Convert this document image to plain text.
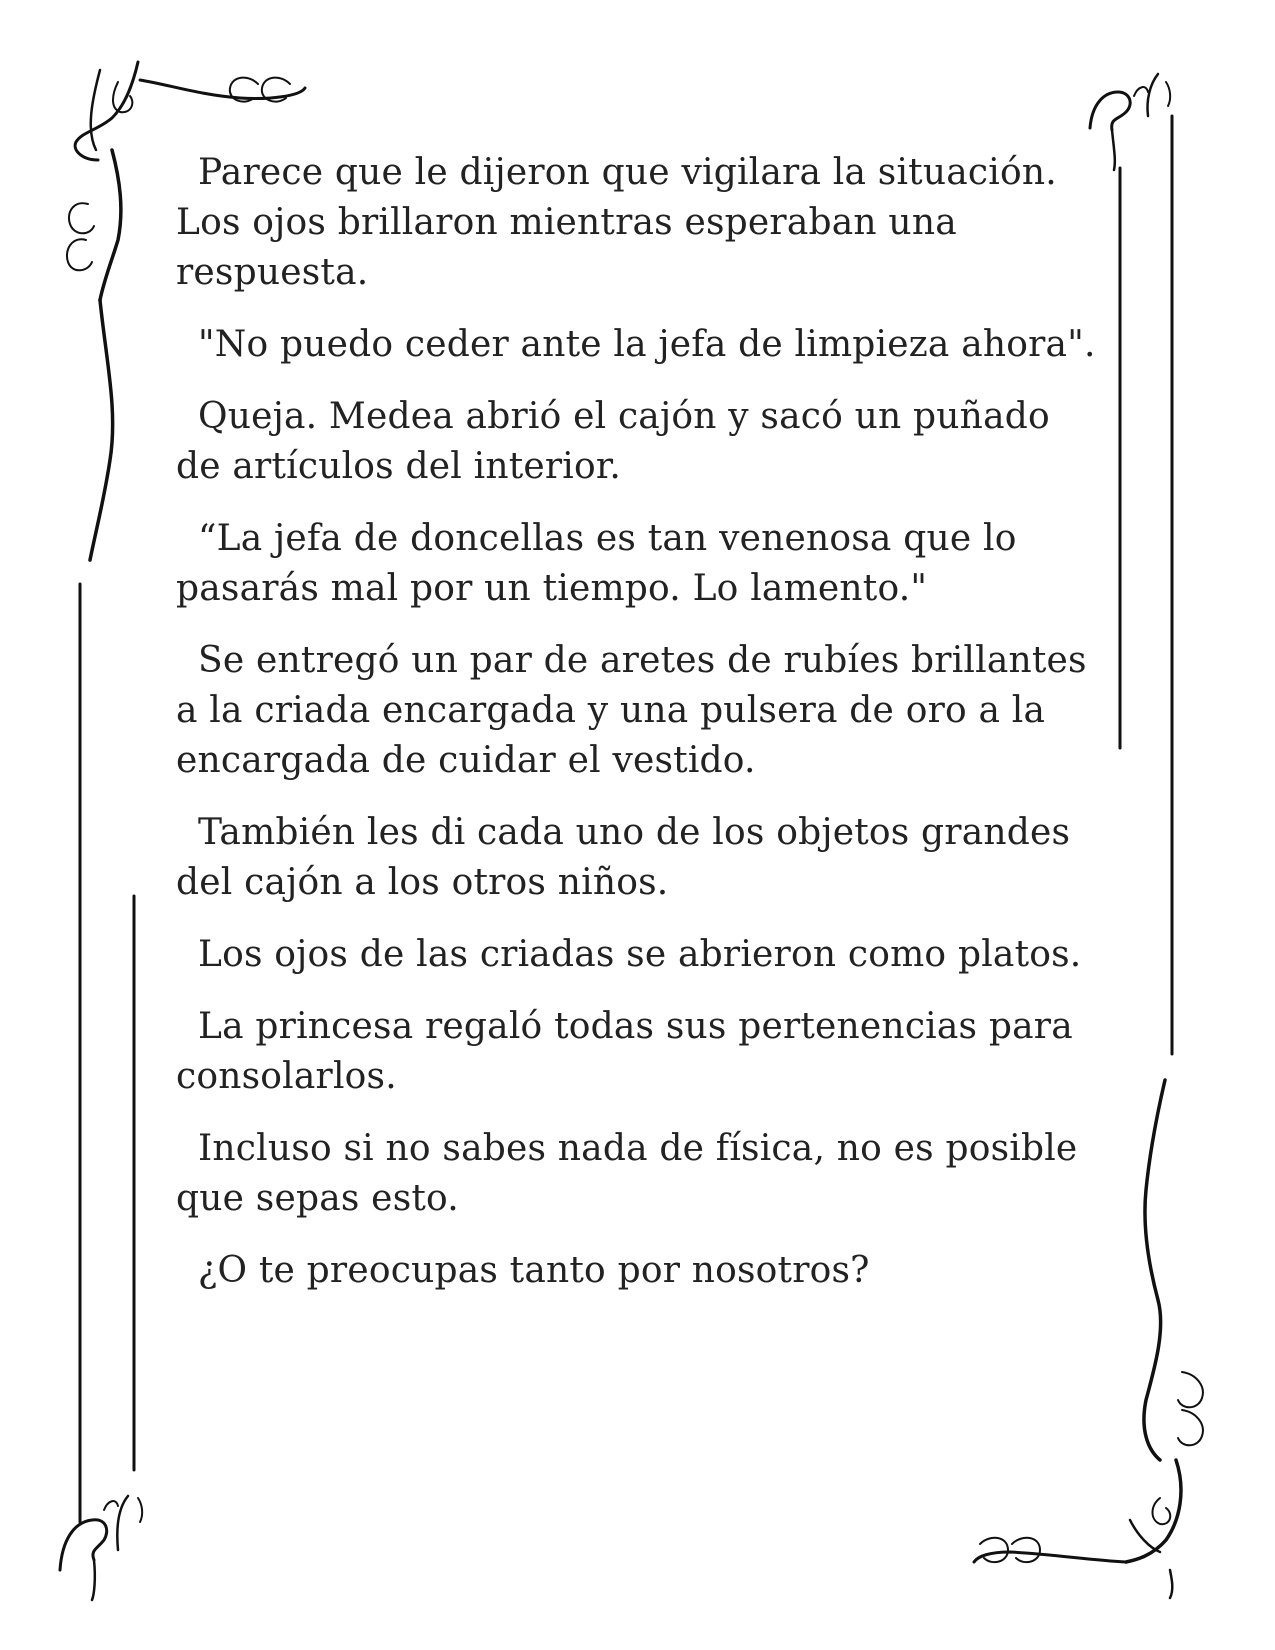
Parece que le dijeron que vigilara la situación. Los ojos brillaron mientras esperaban una respuesta.

"No puedo ceder ante la jefa de limpieza ahora".

Queja. Medea abrió el cajón y sacó un puñado de artículos del interior.

“La jefa de doncellas es tan venenosa que lo pasarás mal por un tiempo. Lo lamento."

Se entregó un par de aretes de rubíes brillantes a la criada encargada y una pulsera de oro a la encargada de cuidar el vestido.

También les di cada uno de los objetos grandes del cajón a los otros niños.

Los ojos de las criadas se abrieron como platos.

La princesa regaló todas sus pertenencias para consolarlos.

Incluso si no sabes nada de física, no es posible que sepas esto.

¿O te preocupas tanto por nosotros?
